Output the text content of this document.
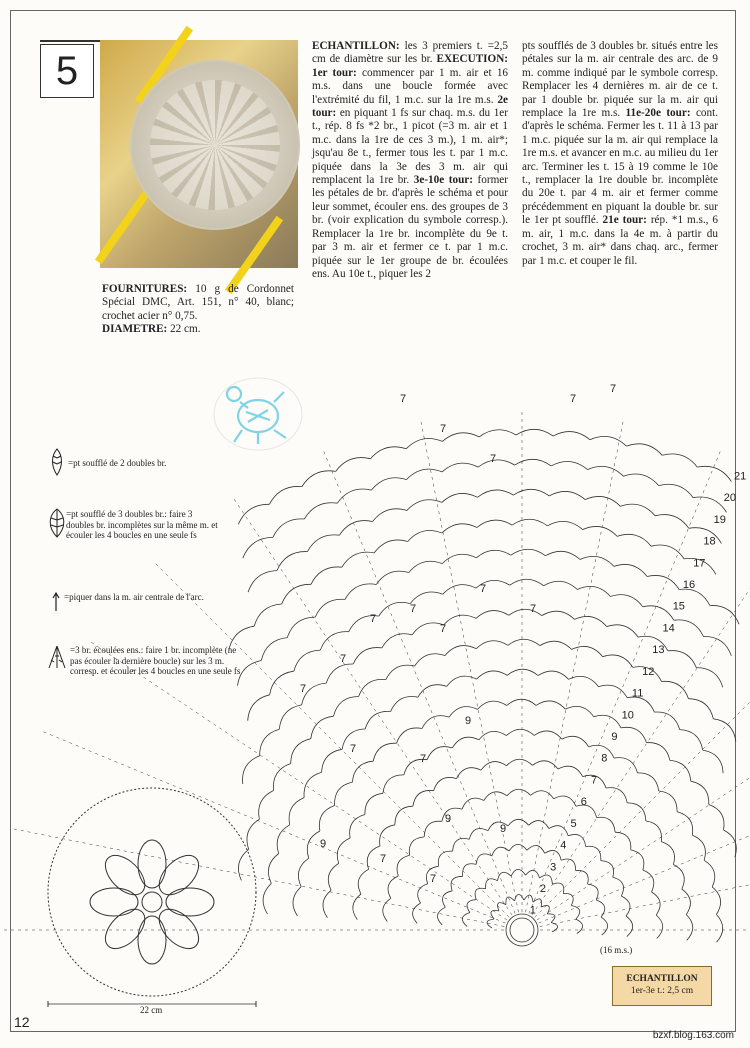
5

FOURNITURES: 10 g de Cordonnet Spécial DMC, Art. 151, n° 40, blanc; crochet acier n° 0,75.

DIAMETRE: 22 cm.

ECHANTILLON: les 3 premiers t. =2,5 cm de diamètre sur les br. EXECUTION: 1er tour: commencer par 1 m. air et 16 m.s. dans une boucle formée avec l'extrémité du fil, 1 m.c. sur la 1re m.s. 2e tour: en piquant 1 fs sur chaq. m.s. du 1er t., rép. 8 fs *2 br., 1 picot (=3 m. air et 1 m.c. dans la 1re de ces 3 m.), 1 m. air*; jsqu'au 8e t., fermer tous les t. par 1 m.c. piquée dans la 3e des 3 m. air qui remplacent la 1re br. 3e-10e tour: former les pétales de br. d'après le schéma et pour leur sommet, écouler ens. des groupes de 3 br. (voir explication du symbole corresp.). Remplacer la 1re br. incomplète du 9e t. par 3 m. air et fermer ce t. par 1 m.c. piquée sur le 1er groupe de br. écoulées ens. Au 10e t., piquer les 2

pts soufflés de 3 doubles br. situés entre les pétales sur la m. air centrale des arc. de 9 m. comme indiqué par le symbole corresp. Remplacer les 4 dernières m. air de ce t. par 1 double br. piquée sur la m. air qui remplace la 1re m.s. 11e-20e tour: cont. d'après le schéma. Fermer les t. 11 à 13 par 1 m.c. piquée sur la m. air qui remplace la 1re m.s. et avancer en m.c. au milieu du 1er arc. Terminer les t. 15 à 19 comme le 10e t., remplacer la 1re double br. incomplète du 20e t. par 4 m. air et fermer comme précédemment en piquant la double br. sur le 1er pt soufflé. 21e tour: rép. *1 m.s., 6 m. air, 1 m.c. dans la 4e m. à partir du crochet, 3 m. air* dans chaq. arc., fermer par 1 m.c. et couper le fil.

=pt soufflé de 2 doubles br.
=pt soufflé de 3 doubles br.: faire 3 doubles br. incomplètes sur la même m. et écouler les 4 boucles en une seule fs
=piquer dans la m. air centrale de l'arc.
=3 br. écoulées ens.: faire 1 br. incomplète (ne pas écouler la dernière boucle) sur les 3 m. corresp. et écouler les 4 boucles en une seule fs
1
2
3
4
5
6
7
8
9
10
11
12
13
14
15
16
17
18
19
20
21
7
7
7
7
7
7
7
7
7
7
7
7
7
7
7
7
9
9
9
9
(16 m.s.)
22 cm
ECHANTILLON
1er-3e t.: 2,5 cm
12
bzxf.blog.163.com
